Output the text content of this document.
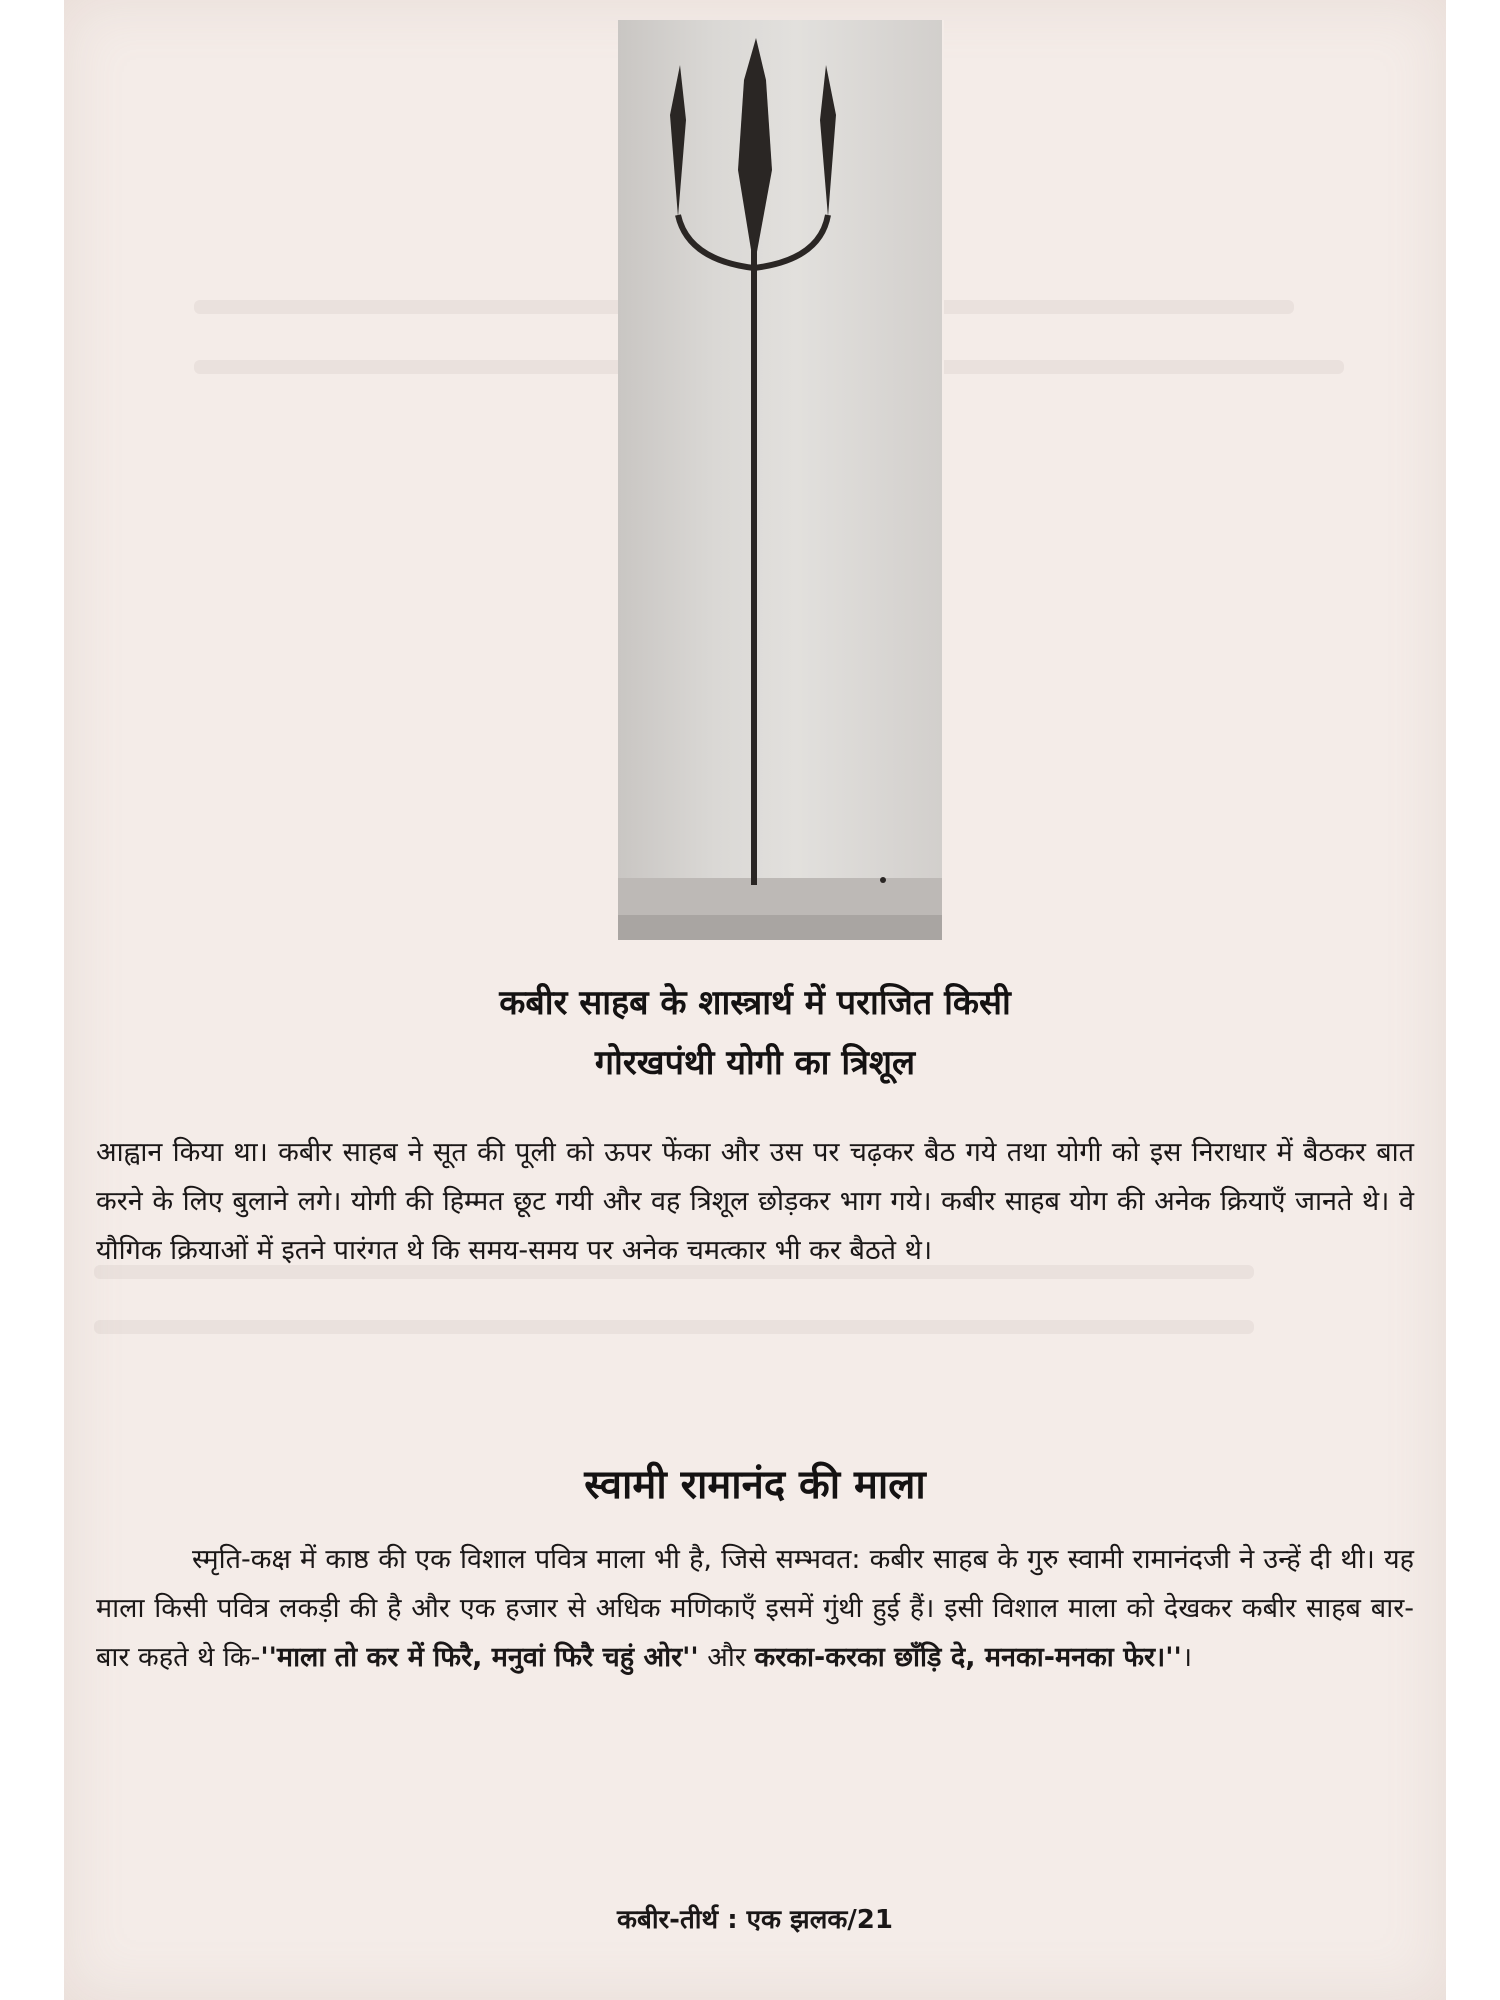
कबीर साहब के शास्त्रार्थ में पराजित किसी

गोरखपंथी योगी का त्रिशूल

आह्वान किया था। कबीर साहब ने सूत की पूली को ऊपर फेंका और उस पर चढ़कर बैठ गये तथा योगी को इस निराधार में बैठकर बात करने के लिए बुलाने लगे। योगी की हिम्मत छूट गयी और वह त्रिशूल छोड़कर भाग गये। कबीर साहब योग की अनेक क्रियाएँ जानते थे। वे यौगिक क्रियाओं में इतने पारंगत थे कि समय-समय पर अनेक चमत्कार भी कर बैठते थे।

स्वामी रामानंद की माला

स्मृति-कक्ष में काष्ठ की एक विशाल पवित्र माला भी है, जिसे सम्भवत: कबीर साहब के गुरु स्वामी रामानंदजी ने उन्हें दी थी। यह माला किसी पवित्र लकड़ी की है और एक हजार से अधिक मणिकाएँ इसमें गुंथी हुई हैं। इसी विशाल माला को देखकर कबीर साहब बार-बार कहते थे कि-''माला तो कर में फिरै, मनुवां फिरै चहुं ओर'' और करका-करका छाँड़ि दे, मनका-मनका फेर।''।

कबीर-तीर्थ : एक झलक/21
